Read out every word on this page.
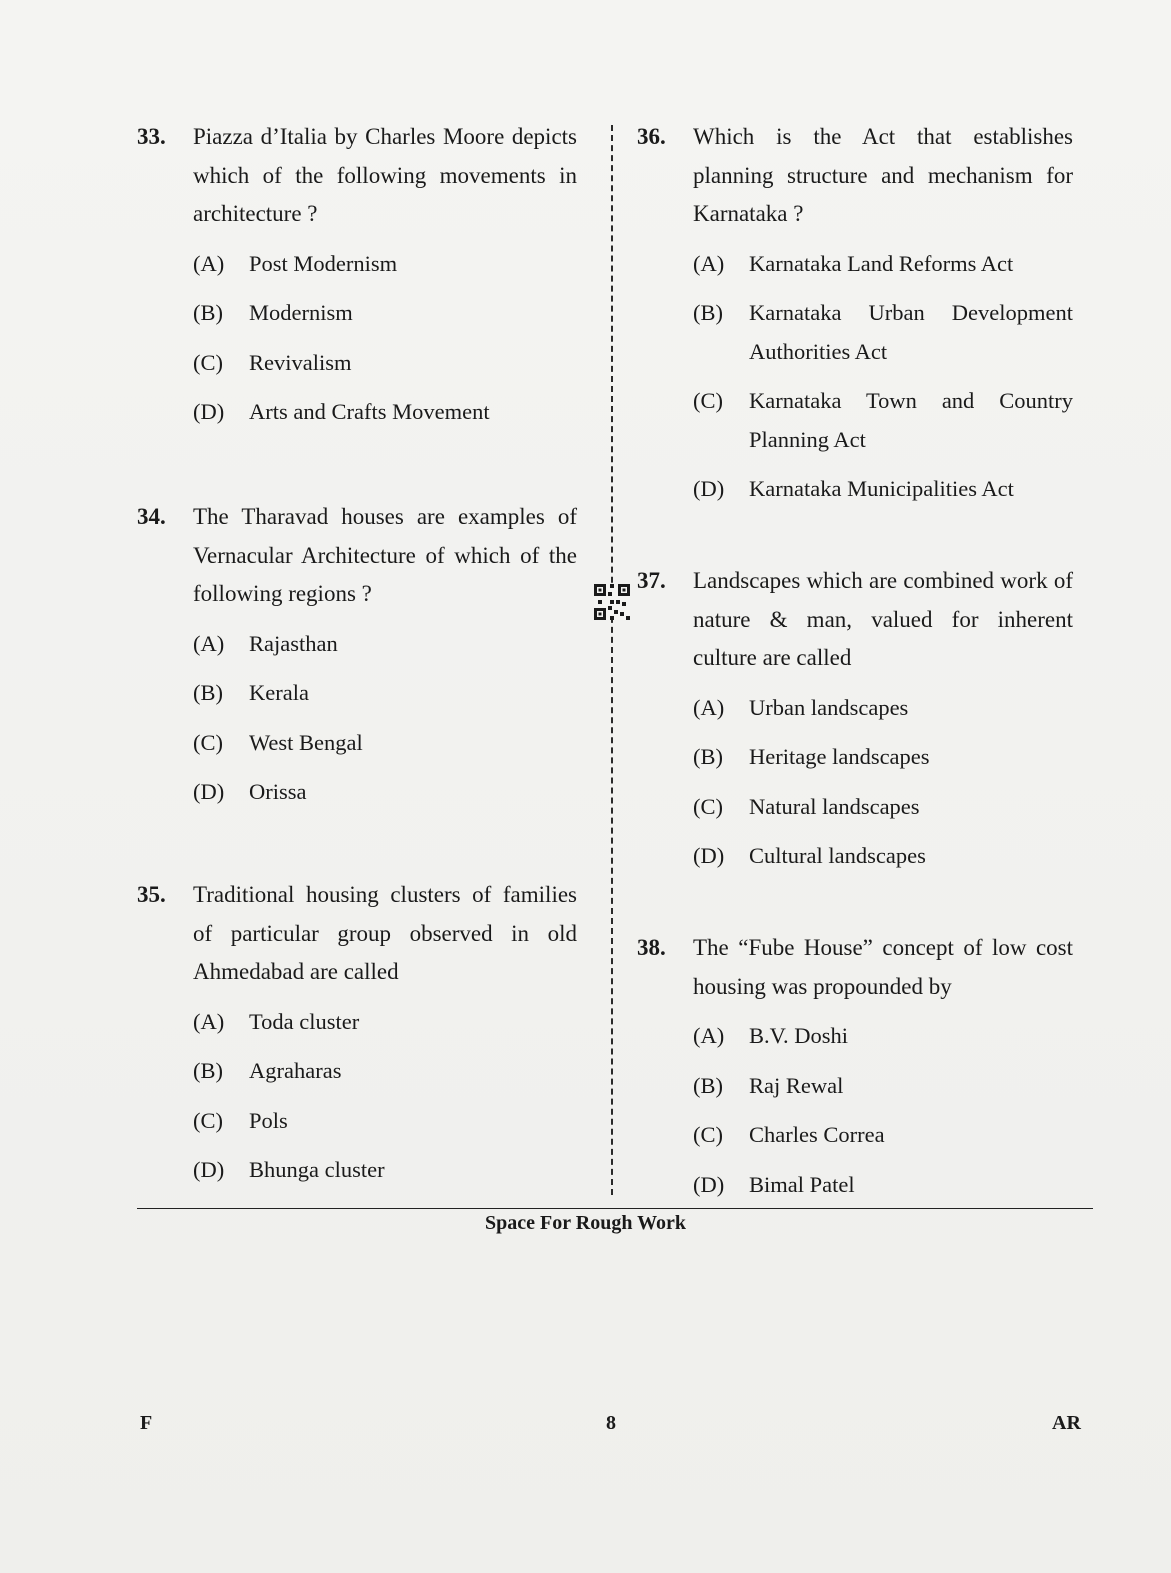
33.	Piazza d’Italia by Charles Moore depicts which of the following movements in architecture ?
(A)	Post Modernism
(B)	Modernism
(C)	Revivalism
(D)	Arts and Crafts Movement
34.	The Tharavad houses are examples of Vernacular Architecture of which of the following regions ?
(A)	Rajasthan
(B)	Kerala
(C)	West Bengal
(D)	Orissa
35.	Traditional housing clusters of families of particular group observed in old Ahmedabad are called
(A)	Toda cluster
(B)	Agraharas
(C)	Pols
(D)	Bhunga cluster
36.	Which is the Act that establishes planning structure and mechanism for Karnataka ?
(A)	Karnataka Land Reforms Act
(B)	Karnataka Urban Development Authorities Act
(C)	Karnataka Town and Country Planning Act
(D)	Karnataka Municipalities Act
37.	Landscapes which are combined work of nature & man, valued for inherent culture are called
(A)	Urban landscapes
(B)	Heritage landscapes
(C)	Natural landscapes
(D)	Cultural landscapes
38.	The “Fube House” concept of low cost housing was propounded by
(A)	B.V. Doshi
(B)	Raj Rewal
(C)	Charles Correa
(D)	Bimal Patel
Space For Rough Work
F	8	AR
